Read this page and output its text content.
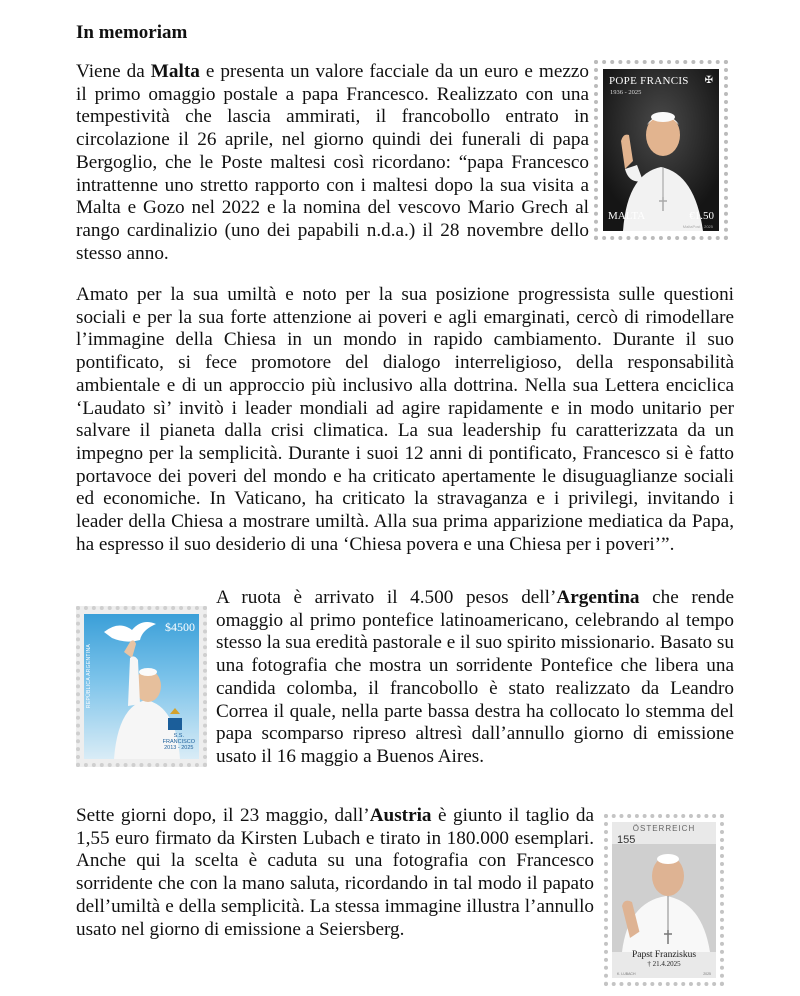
In memoriam

Viene da Malta e presenta un valore facciale da un euro e mezzo il primo omaggio postale a papa Francesco. Realizzato con una tempestività che lascia ammirati, il francobollo entrato in circolazione il 26 aprile, nel giorno quindi dei funerali di papa Bergoglio, che le Poste maltesi così ricordano: “papa Francesco intrattenne uno stretto rapporto con i maltesi dopo la sua visita a Malta e Gozo nel 2022 e la nomina del vescovo Mario Grech al rango cardinalizio (uno dei papabili n.d.a.) il 28 novembre dello stesso anno.

Amato per la sua umiltà e noto per la sua posizione progressista sulle questioni sociali e per la sua forte attenzione ai poveri e agli emarginati, cercò di rimodellare l’immagine della Chiesa in un mondo in rapido cambiamento. Durante il suo pontificato, si fece promotore del dialogo interreligioso, della responsabilità ambientale e di un approccio più inclusivo alla dottrina. Nella sua Lettera enciclica ‘Laudato sì’ invitò i leader mondiali ad agire rapidamente e in modo unitario per salvare il pianeta dalla crisi climatica. La sua leadership fu caratterizzata da un impegno per la semplicità. Durante i suoi 12 anni di pontificato, Francesco si è fatto portavoce dei poveri del mondo e ha criticato apertamente le disuguaglianze sociali ed economiche. In Vaticano, ha criticato la stravaganza e i privilegi, invitando i leader della Chiesa a mostrare umiltà. Alla sua prima apparizione mediatica da Papa, ha espresso il suo desiderio di una ‘Chiesa povera e una Chiesa per i poveri’”.

A ruota è arrivato il 4.500 pesos dell’Argentina che rende omaggio al primo pontefice latinoamericano, celebrando al tempo stesso la sua eredità pastorale e il suo spirito missionario. Basato su una fotografia che mostra un sorridente Pontefice che libera una candida colomba, il francobollo è stato realizzato da Leandro Correa il quale, nella parte bassa destra ha collocato lo stemma del papa scomparso ripreso altresì dall’annullo giorno di emissione usato il 16 maggio a Buenos Aires.

Sette giorni dopo, il 23 maggio, dall’Austria è giunto il taglio da 1,55 euro firmato da Kirsten Lubach e tirato in 180.000 esemplari. Anche qui la scelta è caduta su una fotografia con Francesco sorridente che con la mano saluta, ricordando in tal modo il papato dell’umiltà e della semplicità. La stessa immagine illustra l’annullo usato nel giorno di emissione a Seiersberg.

POPE FRANCIS
1936 - 2025
✠
MALTA	€1.50
MaltaPost - 2025
$4500
REPÚBLICA ARGENTINA
S.S.
FRANCISCO
2013 - 2025
ÖSTERREICH
155
Papst Franziskus
† 21.4.2025
K. LUBACH	2025
